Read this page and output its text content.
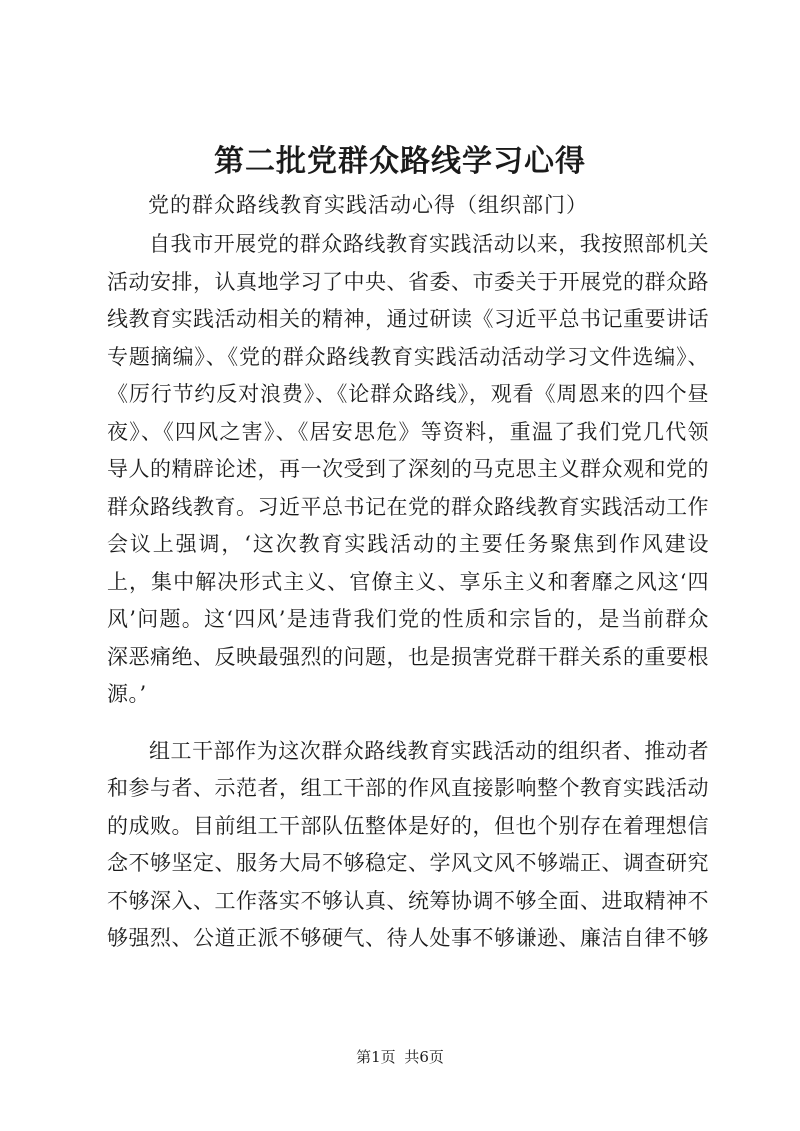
第二批党群众路线学习心得

党的群众路线教育实践活动心得（组织部门）

自我市开展党的群众路线教育实践活动以来，我按照部机关活动安排，认真地学习了中央、省委、市委关于开展党的群众路线教育实践活动相关的精神，通过研读《习近平总书记重要讲话专题摘编》、《党的群众路线教育实践活动活动学习文件选编》、《厉行节约反对浪费》、《论群众路线》，观看《周恩来的四个昼夜》、《四风之害》、《居安思危》等资料，重温了我们党几代领导人的精辟论述，再一次受到了深刻的马克思主义群众观和党的群众路线教育。习近平总书记在党的群众路线教育实践活动工作会议上强调，‘这次教育实践活动的主要任务聚焦到作风建设上，集中解决形式主义、官僚主义、享乐主义和奢靡之风这‘四风’问题。这‘四风’是违背我们党的性质和宗旨的，是当前群众深恶痛绝、反映最强烈的问题，也是损害党群干群关系的重要根源。’

组工干部作为这次群众路线教育实践活动的组织者、推动者和参与者、示范者，组工干部的作风直接影响整个教育实践活动的成败。目前组工干部队伍整体是好的，但也个别存在着理想信念不够坚定、服务大局不够稳定、学风文风不够端正、调查研究不够深入、工作落实不够认真、统筹协调不够全面、进取精神不够强烈、公道正派不够硬气、待人处事不够谦逊、廉洁自律不够

第1页 共6页
